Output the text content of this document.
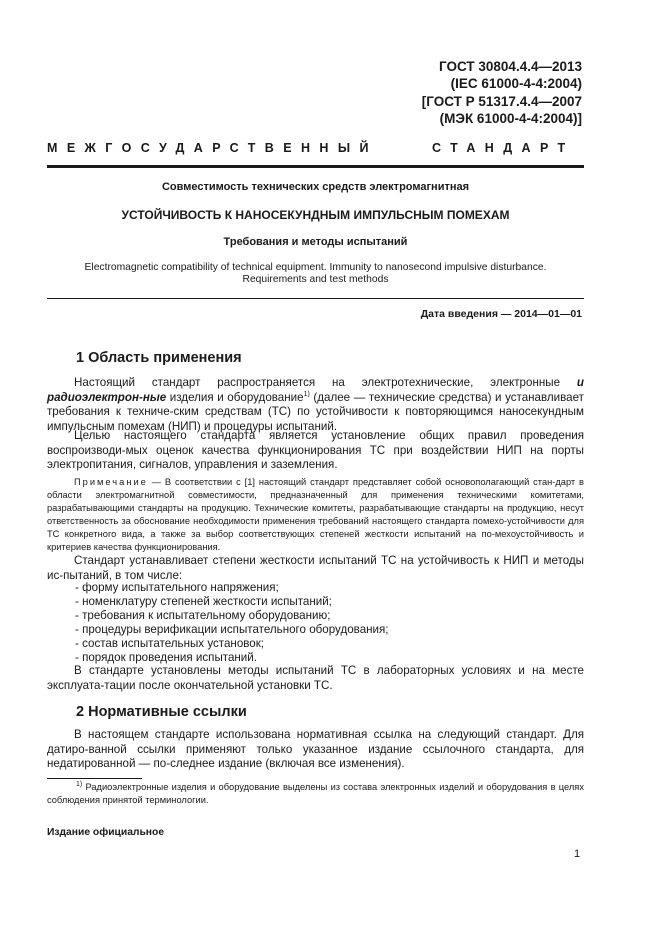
ГОСТ 30804.4.4—2013
(IEC 61000-4-4:2004)
[ГОСТ Р 51317.4.4—2007
(МЭК 61000-4-4:2004)]
МЕЖГОСУДАРСТВЕННЫЙ	СТАНДАРТ
Совместимость технических средств электромагнитная
УСТОЙЧИВОСТЬ К НАНОСЕКУНДНЫМ ИМПУЛЬСНЫМ ПОМЕХАМ
Требования и методы испытаний
Electromagnetic compatibility of technical equipment. Immunity to nanosecond impulsive disturbance.
Requirements and test methods
Дата введения — 2014—01—01
1 Область применения
Настоящий стандарт распространяется на электротехнические, электронные и радиоэлектрон-ные изделия и оборудование$^{1)}$ (далее — технические средства) и устанавливает требования к техниче-ским средствам (ТС) по устойчивости к повторяющимся наносекундным импульсным помехам (НИП) и процедуры испытаний.
Целью настоящего стандарта является установление общих правил проведения воспроизводи-мых оценок качества функционирования ТС при воздействии НИП на порты электропитания, сигналов, управления и заземления.
Примечание — В соответствии с [1] настоящий стандарт представляет собой основополагающий стан-дарт в области электромагнитной совместимости, предназначенный для применения техническими комитетами, разрабатывающими стандарты на продукцию. Технические комитеты, разрабатывающие стандарты на продукцию, несут ответственность за обоснование необходимости применения требований настоящего стандарта помехо-устойчивости для ТС конкретного вида, а также за выбор соответствующих степеней жесткости испытаний на по-мехоустойчивость и критериев качества функционирования.
Стандарт устанавливает степени жесткости испытаний ТС на устойчивость к НИП и методы ис-пытаний, в том числе:
- форму испытательного напряжения;
- номенклатуру степеней жесткости испытаний;
- требования к испытательному оборудованию;
- процедуры верификации испытательного оборудования;
- состав испытательных установок;
- порядок проведения испытаний.
В стандарте установлены методы испытаний ТС в лабораторных условиях и на месте эксплуата-тации после окончательной установки ТС.
2 Нормативные ссылки
В настоящем стандарте использована нормативная ссылка на следующий стандарт. Для датиро-ванной ссылки применяют только указанное издание ссылочного стандарта, для недатированной — по-следнее издание (включая все изменения).
$^{1)}$ Радиоэлектронные изделия и оборудование выделены из состава электронных изделий и оборудования в целях соблюдения принятой терминологии.
Издание официальное
1
